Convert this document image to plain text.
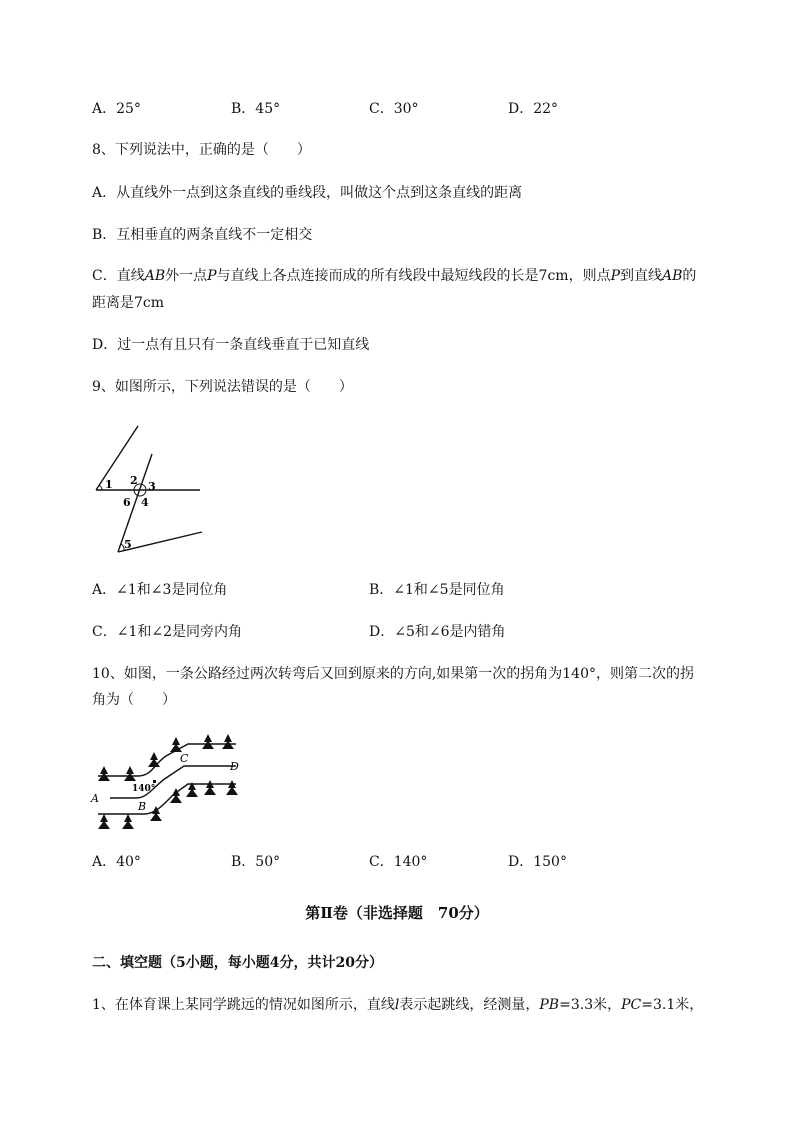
A．25°	B．45°	C．30°	D．22°
8、下列说法中，正确的是（　　）
A．从直线外一点到这条直线的垂线段，叫做这个点到这条直线的距离
B．互相垂直的两条直线不一定相交
C．直线AB外一点P与直线上各点连接而成的所有线段中最短线段的长是7cm，则点P到直线AB的
距离是7cm
D．过一点有且只有一条直线垂直于已知直线
9、如图所示，下列说法错误的是（　　）
1 2 3
6 4
5
A．∠1和∠3是同位角	B．∠1和∠5是同位角
C．∠1和∠2是同旁内角	D．∠5和∠6是内错角
10、如图，一条公路经过两次转弯后又回到原来的方向,如果第一次的拐角为140°，则第二次的拐
角为（　　）
A
B
C
D
140°
A．40°	B．50°	C．140°	D．150°
第Ⅱ卷（非选择题　70分）
二、填空题（5小题，每小题4分，共计20分）
1、在体育课上某同学跳远的情况如图所示，直线l表示起跳线，经测量，PB=3.3米，PC=3.1米，
